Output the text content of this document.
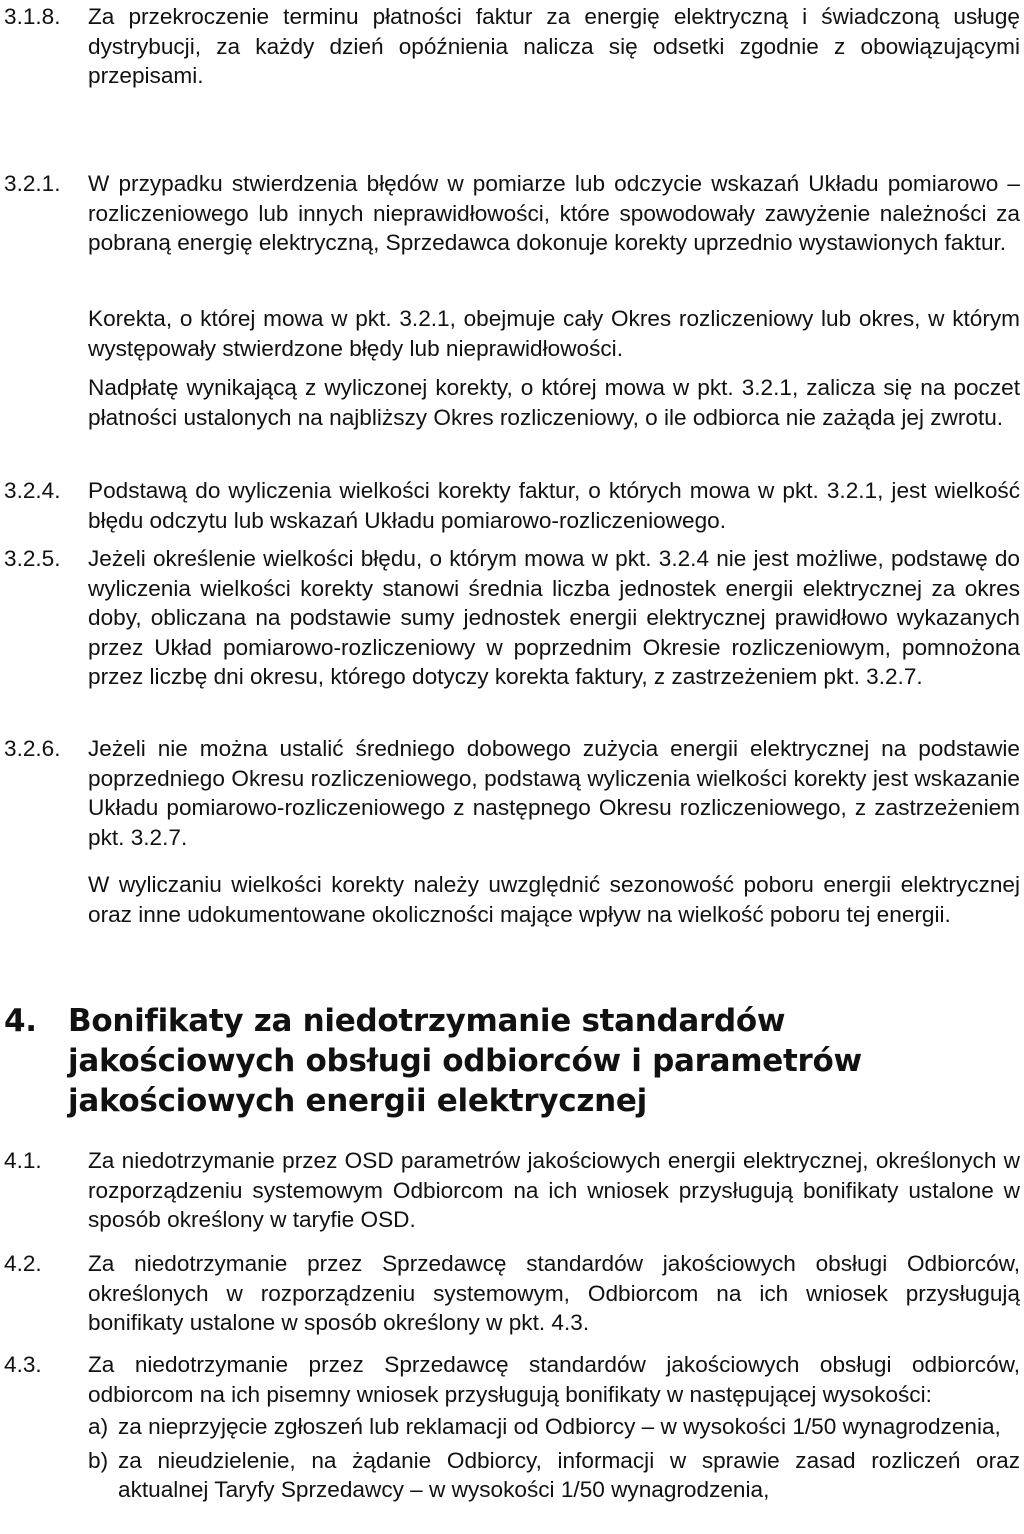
3.1.8.	Za przekroczenie terminu płatności faktur za energię elektryczną i świadczoną usługę dystrybucji, za każdy dzień opóźnienia nalicza się odsetki zgodnie z obowiązującymi przepisami.

3.2.1.	W przypadku stwierdzenia błędów w pomiarze lub odczycie wskazań Układu pomiarowo – rozliczeniowego lub innych nieprawidłowości, które spowodowały zawyżenie należności za pobraną energię elektryczną, Sprzedawca dokonuje korekty uprzednio wystawionych faktur.

Korekta, o której mowa w pkt. 3.2.1, obejmuje cały Okres rozliczeniowy lub okres, w którym występowały stwierdzone błędy lub nieprawidłowości.

Nadpłatę wynikającą z wyliczonej korekty, o której mowa w pkt. 3.2.1, zalicza się na poczet płatności ustalonych na najbliższy Okres rozliczeniowy, o ile odbiorca nie zażąda jej zwrotu.

3.2.4.	Podstawą do wyliczenia wielkości korekty faktur, o których mowa w pkt. 3.2.1, jest wielkość błędu odczytu lub wskazań Układu pomiarowo-rozliczeniowego.

3.2.5.	Jeżeli określenie wielkości błędu, o którym mowa w pkt. 3.2.4 nie jest możliwe, podstawę do wyliczenia wielkości korekty stanowi średnia liczba jednostek energii elektrycznej za okres doby, obliczana na podstawie sumy jednostek energii elektrycznej prawidłowo wykazanych przez Układ pomiarowo-rozliczeniowy w poprzednim Okresie rozliczeniowym, pomnożona przez liczbę dni okresu, którego dotyczy korekta faktury, z zastrzeżeniem pkt. 3.2.7.

3.2.6.	Jeżeli nie można ustalić średniego dobowego zużycia energii elektrycznej na podstawie poprzedniego Okresu rozliczeniowego, podstawą wyliczenia wielkości korekty jest wskazanie Układu pomiarowo-rozliczeniowego z następnego Okresu rozliczeniowego, z zastrzeżeniem pkt. 3.2.7.

W wyliczaniu wielkości korekty należy uwzględnić sezonowość poboru energii elektrycznej oraz inne udokumentowane okoliczności mające wpływ na wielkość poboru tej energii.

4.	Bonifikaty za niedotrzymanie standardów jakościowych obsługi odbiorców i parametrów jakościowych energii elektrycznej
4.1.	Za niedotrzymanie przez OSD parametrów jakościowych energii elektrycznej, określonych w rozporządzeniu systemowym Odbiorcom na ich wniosek przysługują bonifikaty ustalone w sposób określony w taryfie OSD.

4.2.	Za niedotrzymanie przez Sprzedawcę standardów jakościowych obsługi Odbiorców, określonych w rozporządzeniu systemowym, Odbiorcom na ich wniosek przysługują bonifikaty ustalone w sposób określony w pkt. 4.3.

4.3.	Za niedotrzymanie przez Sprzedawcę standardów jakościowych obsługi odbiorców, odbiorcom na ich pisemny wniosek przysługują bonifikaty w następującej wysokości:

a) za nieprzyjęcie zgłoszeń lub reklamacji od Odbiorcy – w wysokości 1/50 wynagrodzenia,
b) za nieudzielenie, na żądanie Odbiorcy, informacji w sprawie zasad rozliczeń oraz aktualnej Taryfy Sprzedawcy – w wysokości 1/50 wynagrodzenia,
